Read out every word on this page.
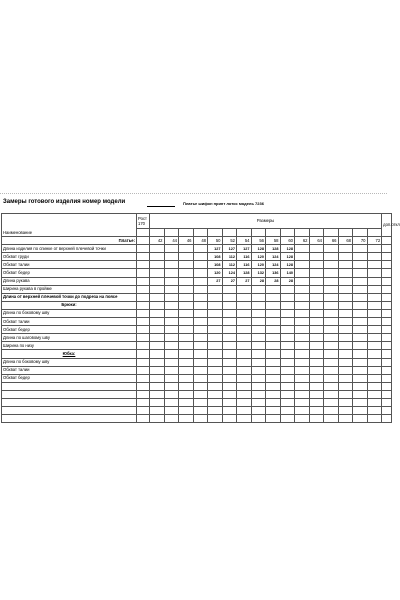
Замеры готового изделия номер модели	Платье шифон принт лотос модель 7236
Наименование	Рост 170	Размеры																доп.откл

Платье:		42	44	46	48	50	52	54	56	58	60	62	64	66	68	70	72	
Длина изделия по спинке от верхней плечевой точки						127	127	127	128	128	128							
Обхват груди						108	112	116	120	124	128							
Обхват талии						108	112	116	120	124	128							
Обхват бедер						120	124	128	132	136	140							
Длина рукава						27	27	27	28	28	28							
Ширина рукава в пройме																		
Длина от верхней плечевой точки до подреза на поясе																		
Брюки:																		
Длина по боковому шву																		
Обхват талии																		
Обхват бедер																		
Длина по шаговому шву																		
Ширина по низу																		
Юбка:																		
Длина по боковому шву																		
Обхват талии																		
Обхват бедер																		
